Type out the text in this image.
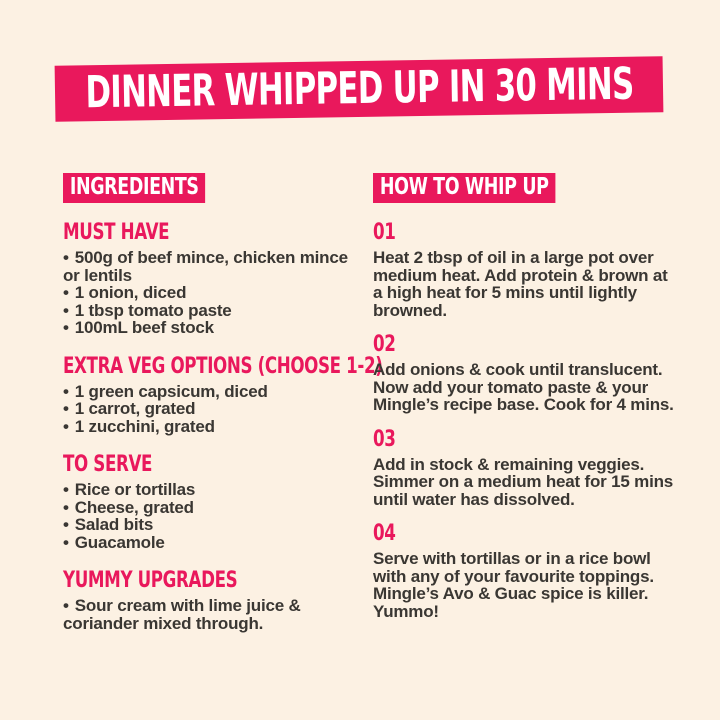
DINNER WHIPPED UP IN 30 MINS
INGREDIENTS
MUST HAVE
• 500g of beef mince, chicken mince or lentils
• 1 onion, diced
• 1 tbsp tomato paste
• 100mL beef stock
EXTRA VEG OPTIONS (CHOOSE 1-2)
• 1 green capsicum, diced
• 1 carrot, grated
• 1 zucchini, grated
TO SERVE
• Rice or tortillas
• Cheese, grated
• Salad bits
• Guacamole
YUMMY UPGRADES
• Sour cream with lime juice & coriander mixed through.
HOW TO WHIP UP
01

Heat 2 tbsp of oil in a large pot over medium heat. Add protein & brown at a high heat for 5 mins until lightly browned.

02

Add onions & cook until translucent. Now add your tomato paste & your Mingle’s recipe base. Cook for 4 mins.

03

Add in stock & remaining veggies. Simmer on a medium heat for 15 mins until water has dissolved.

04

Serve with tortillas or in a rice bowl with any of your favourite toppings. Mingle’s Avo & Guac spice is killer. Yummo!
